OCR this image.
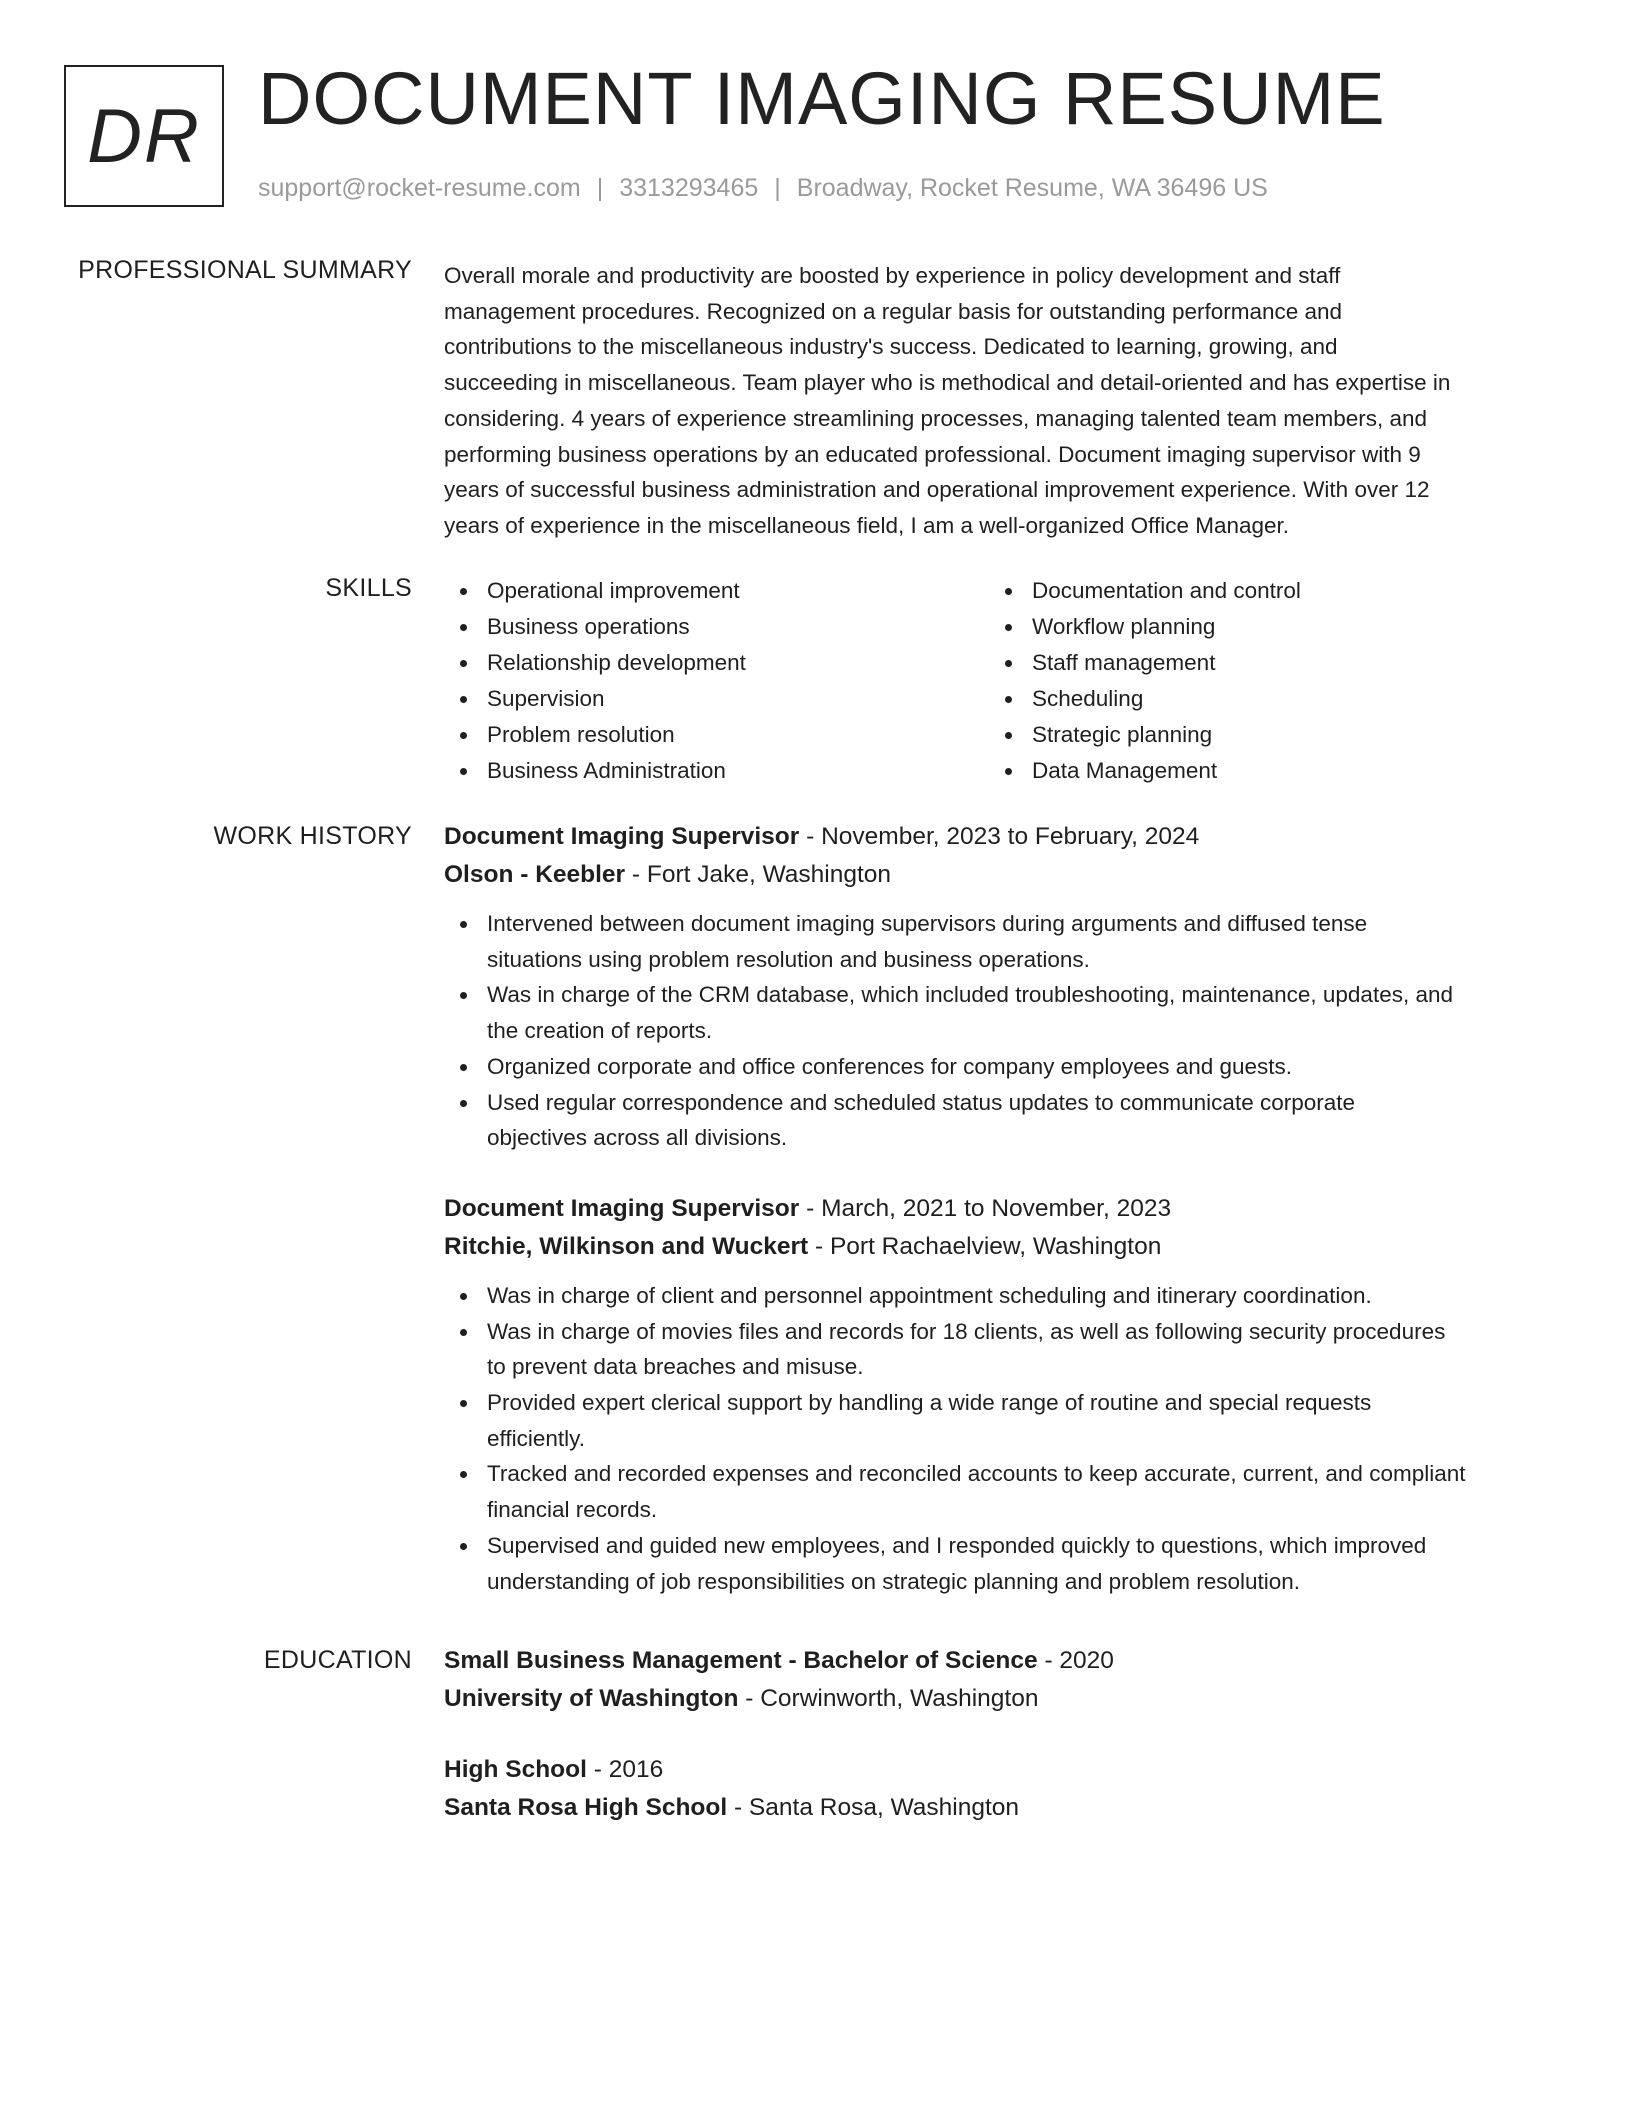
DR DOCUMENT IMAGING RESUME
support@rocket-resume.com | 3313293465 | Broadway, Rocket Resume, WA 36496 US
PROFESSIONAL SUMMARY Overall morale and productivity are boosted by experience in policy development and staff
management procedures. Recognized on a regular basis for outstanding performance and
contributions to the miscellaneous industry's success. Dedicated to learning, growing, and
succeeding in miscellaneous. Team player who is methodical and detail-oriented and has expertise in
considering. 4 years of experience streamlining processes, managing talented team members, and
performing business operations by an educated professional. Document imaging supervisor with 9
years of successful business administration and operational improvement experience. With over 12
years of experience in the miscellaneous field, I am a well-organized Office Manager.

SKILLS	Operational improvement
Business operations
Relationship development
Supervision
Problem resolution
Business Administration
Documentation and control
Workflow planning
Staff management
Scheduling
Strategic planning
Data Management
WORK HISTORY Document Imaging Supervisor - November, 2023 to February, 2024
Olson - Keebler - Fort Jake, Washington
Intervened between document imaging supervisors during arguments and diffused tense
situations using problem resolution and business operations.
Was in charge of the CRM database, which included troubleshooting, maintenance, updates, and
the creation of reports.
Organized corporate and office conferences for company employees and guests.
Used regular correspondence and scheduled status updates to communicate corporate
objectives across all divisions.
Document Imaging Supervisor - March, 2021 to November, 2023
Ritchie, Wilkinson and Wuckert - Port Rachaelview, Washington
Was in charge of client and personnel appointment scheduling and itinerary coordination.
Was in charge of movies files and records for 18 clients, as well as following security procedures
to prevent data breaches and misuse.
Provided expert clerical support by handling a wide range of routine and special requests
efficiently.
Tracked and recorded expenses and reconciled accounts to keep accurate, current, and compliant
financial records.
Supervised and guided new employees, and I responded quickly to questions, which improved
understanding of job responsibilities on strategic planning and problem resolution.
EDUCATION Small Business Management - Bachelor of Science - 2020
University of Washington - Corwinworth, Washington
High School - 2016
Santa Rosa High School - Santa Rosa, Washington
